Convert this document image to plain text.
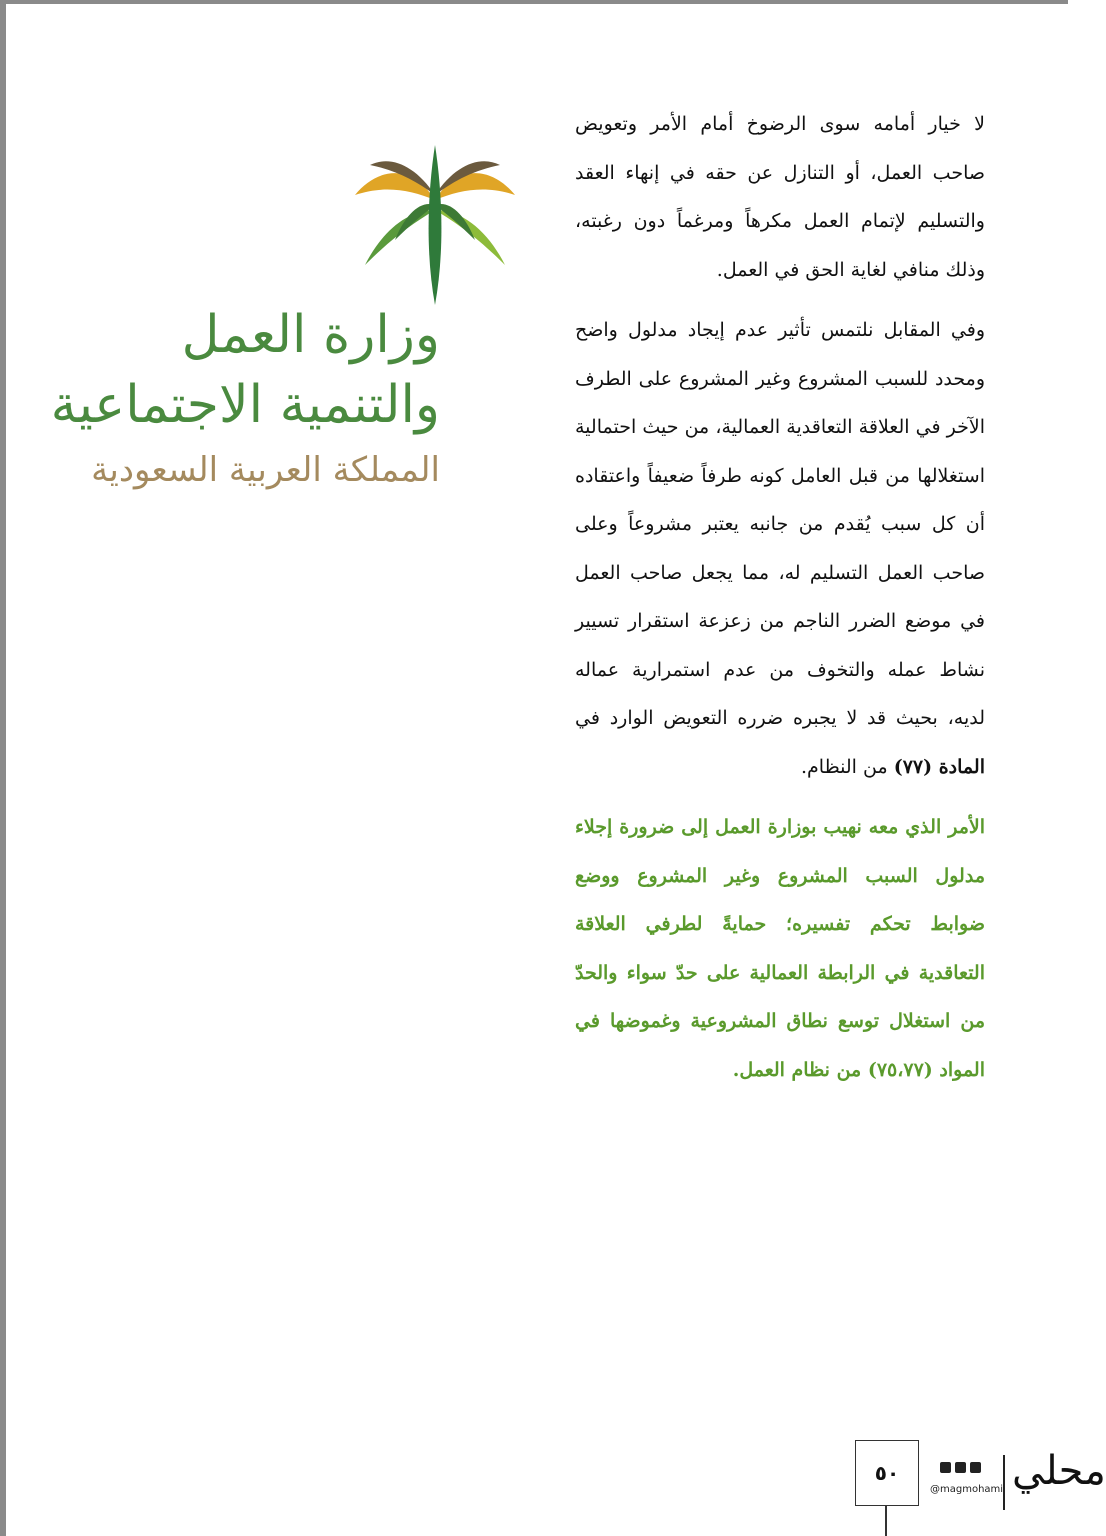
وزارة العمل
والتنمية الاجتماعية
المملكة العربية السعودية

لا خيار أمامه سوى الرضوخ أمام الأمر وتعويض صاحب العمل، أو التنازل عن حقه في إنهاء العقد والتسليم لإتمام العمل مكرهاً ومرغماً دون رغبته، وذلك منافي لغاية الحق في العمل.

وفي المقابل نلتمس تأثير عدم إيجاد مدلول واضح ومحدد للسبب المشروع وغير المشروع على الطرف الآخر في العلاقة التعاقدية العمالية، من حيث احتمالية استغلالها من قبل العامل كونه طرفاً ضعيفاً واعتقاده أن كل سبب يُقدم من جانبه يعتبر مشروعاً وعلى صاحب العمل التسليم له، مما يجعل صاحب العمل في موضع الضرر الناجم من زعزعة استقرار تسيير نشاط عمله والتخوف من عدم استمرارية عماله لديه، بحيث قد لا يجبره ضرره التعويض الوارد في المادة (٧٧) من النظام.

الأمر الذي معه نهيب بوزارة العمل إلى ضرورة إجلاء مدلول السبب المشروع وغير المشروع ووضع ضوابط تحكم تفسيره؛ حمايةً لطرفي العلاقة التعاقدية في الرابطة العمالية على حدّ سواء والحدّ من استغلال توسع نطاق المشروعية وغموضها في المواد (٧٥،٧٧) من نظام العمل.

٥٠
@magmohami محلي
